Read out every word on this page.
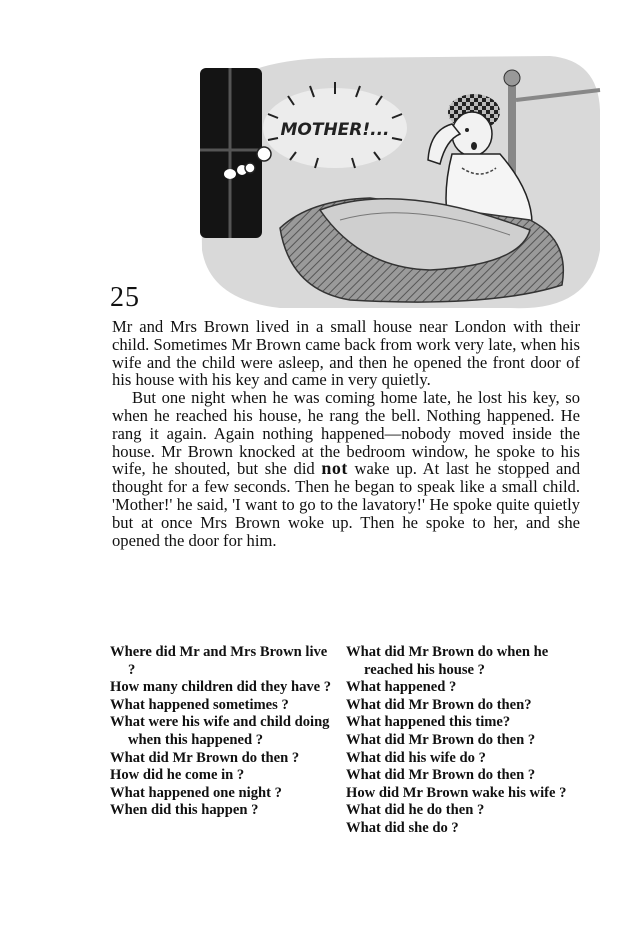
MOTHER!...
25

Mr and Mrs Brown lived in a small house near London with their child. Sometimes Mr Brown came back from work very late, when his wife and the child were asleep, and then he opened the front door of his house with his key and came in very quietly.

But one night when he was coming home late, he lost his key, so when he reached his house, he rang the bell. Nothing happened. He rang it again. Again nothing happened—nobody moved inside the house. Mr Brown knocked at the bedroom window, he spoke to his wife, he shouted, but she did not wake up. At last he stopped and thought for a few seconds. Then he began to speak like a small child. 'Mother!' he said, 'I want to go to the lavatory!' He spoke quite quietly but at once Mrs Brown woke up. Then he spoke to her, and she opened the door for him.

Where did Mr and Mrs Brown live ?

How many children did they have ?

What happened sometimes ?

What were his wife and child doing when this happened ?

What did Mr Brown do then ?

How did he come in ?

What happened one night ?

When did this happen ?

What did Mr Brown do when he reached his house ?

What happened ?

What did Mr Brown do then?

What happened this time?

What did Mr Brown do then ?

What did his wife do ?

What did Mr Brown do then ?

How did Mr Brown wake his wife ?

What did he do then ?

What did she do ?
